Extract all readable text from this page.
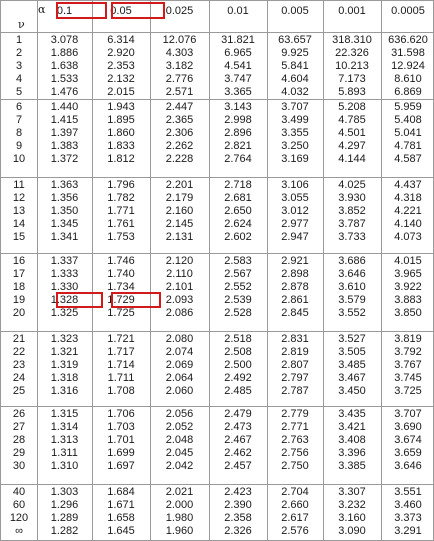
α
ν
0.1	0.05	0.025	0.01	0.005	0.001	0.0005
1	3.078	6.314	12.076	31.821	63.657	318.310	636.620
2	1.886	2.920	4.303	6.965	9.925	22.326	31.598
3	1.638	2.353	3.182	4.541	5.841	10.213	12.924
4	1.533	2.132	2.776	3.747	4.604	7.173	8.610
5	1.476	2.015	2.571	3.365	4.032	5.893	6.869
6	1.440	1.943	2.447	3.143	3.707	5.208	5.959
7	1.415	1.895	2.365	2.998	3.499	4.785	5.408
8	1.397	1.860	2.306	2.896	3.355	4.501	5.041
9	1.383	1.833	2.262	2.821	3.250	4.297	4.781
10	1.372	1.812	2.228	2.764	3.169	4.144	4.587
11	1.363	1.796	2.201	2.718	3.106	4.025	4.437
12	1.356	1.782	2.179	2.681	3.055	3.930	4.318
13	1.350	1.771	2.160	2.650	3.012	3.852	4.221
14	1.345	1.761	2.145	2.624	2.977	3.787	4.140
15	1.341	1.753	2.131	2.602	2.947	3.733	4.073
16	1.337	1.746	2.120	2.583	2.921	3.686	4.015
17	1.333	1.740	2.110	2.567	2.898	3.646	3.965
18	1.330	1.734	2.101	2.552	2.878	3.610	3.922
19	1.328	1.729	2.093	2.539	2.861	3.579	3.883
20	1.325	1.725	2.086	2.528	2.845	3.552	3.850
21	1.323	1.721	2.080	2.518	2.831	3.527	3.819
22	1.321	1.717	2.074	2.508	2.819	3.505	3.792
23	1.319	1.714	2.069	2.500	2.807	3.485	3.767
24	1.318	1.711	2.064	2.492	2.797	3.467	3.745
25	1.316	1.708	2.060	2.485	2.787	3.450	3.725
26	1.315	1.706	2.056	2.479	2.779	3.435	3.707
27	1.314	1.703	2.052	2.473	2.771	3.421	3.690
28	1.313	1.701	2.048	2.467	2.763	3.408	3.674
29	1.311	1.699	2.045	2.462	2.756	3.396	3.659
30	1.310	1.697	2.042	2.457	2.750	3.385	3.646
40	1.303	1.684	2.021	2.423	2.704	3.307	3.551
60	1.296	1.671	2.000	2.390	2.660	3.232	3.460
120	1.289	1.658	1.980	2.358	2.617	3.160	3.373
∞	1.282	1.645	1.960	2.326	2.576	3.090	3.291
